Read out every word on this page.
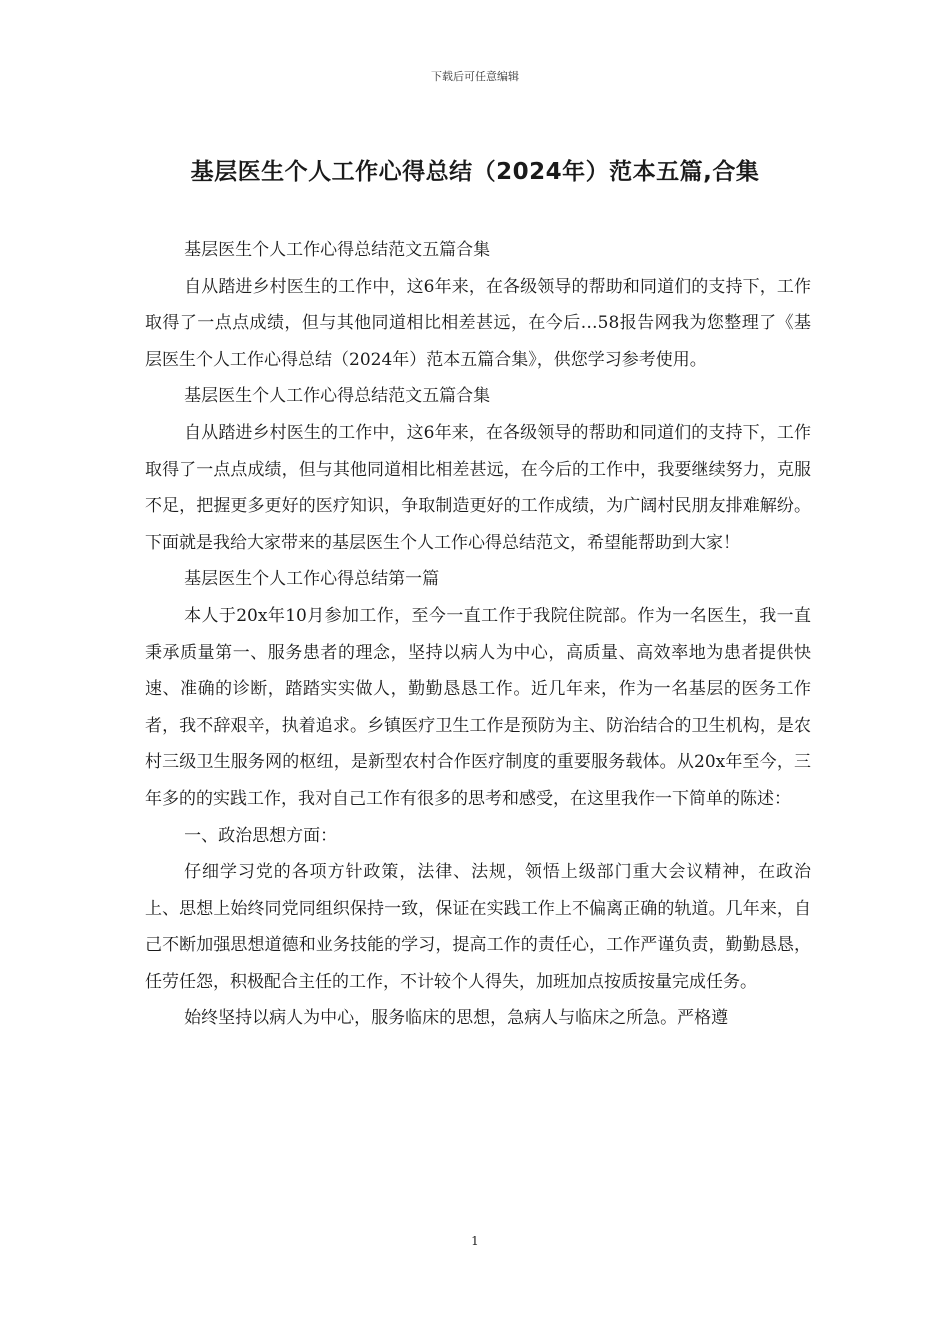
下载后可任意编辑
基层医生个人工作心得总结（2024年）范本五篇,合集

基层医生个人工作心得总结范文五篇合集

自从踏进乡村医生的工作中，这6年来，在各级领导的帮助和同道们的支持下，工作取得了一点点成绩，但与其他同道相比相差甚远，在今后…58报告网我为您整理了《基层医生个人工作心得总结（2024年）范本五篇合集》，供您学习参考使用。

基层医生个人工作心得总结范文五篇合集

自从踏进乡村医生的工作中，这6年来，在各级领导的帮助和同道们的支持下，工作取得了一点点成绩，但与其他同道相比相差甚远，在今后的工作中，我要继续努力，克服不足，把握更多更好的医疗知识，争取制造更好的工作成绩，为广阔村民朋友排难解纷。下面就是我给大家带来的基层医生个人工作心得总结范文，希望能帮助到大家！

基层医生个人工作心得总结第一篇

本人于20x年10月参加工作，至今一直工作于我院住院部。作为一名医生，我一直秉承质量第一、服务患者的理念，坚持以病人为中心，高质量、高效率地为患者提供快速、准确的诊断，踏踏实实做人，勤勤恳恳工作。近几年来，作为一名基层的医务工作者，我不辞艰辛，执着追求。乡镇医疗卫生工作是预防为主、防治结合的卫生机构，是农村三级卫生服务网的枢纽，是新型农村合作医疗制度的重要服务载体。从20x年至今，三年多的的实践工作，我对自己工作有很多的思考和感受，在这里我作一下简单的陈述：

一、政治思想方面：

仔细学习党的各项方针政策，法律、法规，领悟上级部门重大会议精神，在政治上、思想上始终同党同组织保持一致，保证在实践工作上不偏离正确的轨道。几年来，自己不断加强思想道德和业务技能的学习，提高工作的责任心，工作严谨负责，勤勤恳恳，任劳任怨，积极配合主任的工作，不计较个人得失，加班加点按质按量完成任务。

始终坚持以病人为中心，服务临床的思想，急病人与临床之所急。严格遵

1
